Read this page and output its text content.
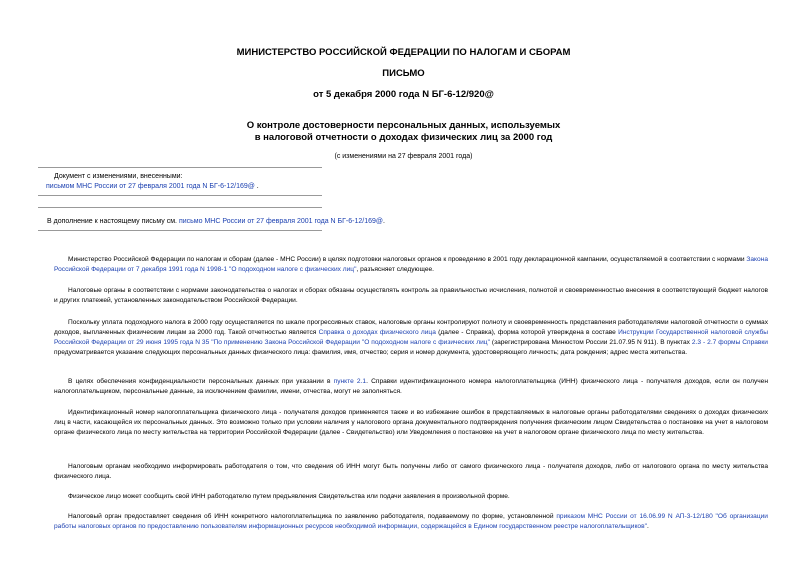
МИНИСТЕРСТВО РОССИЙСКОЙ ФЕДЕРАЦИИ ПО НАЛОГАМ И СБОРАМ
ПИСЬМО
от 5 декабря 2000 года N БГ-6-12/920@
О контроле достоверности персональных данных, используемых
в налоговой отчетности о доходах физических лиц за 2000 год
(с изменениями на 27 февраля 2001 года)
Документ с изменениями, внесенными:
письмом МНС России от 27 февраля 2001 года N БГ-6-12/169@ .
В дополнение к настоящему письму см. письмо МНС России от 27 февраля 2001 года N БГ-6-12/169@.
Министерство Российской Федерации по налогам и сборам (далее - МНС России) в целях подготовки налоговых органов к проведению в 2001 году декларационной кампании, осуществляемой в соответствии с нормами Закона Российской Федерации от 7 декабря 1991 года N 1998-1 "О подоходном налоге с физических лиц", разъясняет следующее.
Налоговые органы в соответствии с нормами законодательства о налогах и сборах обязаны осуществлять контроль за правильностью исчисления, полнотой и своевременностью внесения в соответствующий бюджет налогов и других платежей, установленных законодательством Российской Федерации.
Поскольку уплата подоходного налога в 2000 году осуществляется по шкале прогрессивных ставок, налоговые органы контролируют полноту и своевременность представления работодателями налоговой отчетности о суммах доходов, выплаченных физическим лицам за 2000 год. Такой отчетностью является Справка о доходах физического лица (далее - Справка), форма которой утверждена в составе Инструкции Государственной налоговой службы Российской Федерации от 29 июня 1995 года N 35 "По применению Закона Российской Федерации "О подоходном налоге с физических лиц" (зарегистрирована Минюстом России 21.07.95 N 911). В пунктах 2.3 - 2.7 формы Справки предусматривается указание следующих персональных данных физического лица: фамилия, имя, отчество; серия и номер документа, удостоверяющего личность; дата рождения; адрес места жительства.
В целях обеспечения конфиденциальности персональных данных при указании в пункте 2.1. Справки идентификационного номера налогоплательщика (ИНН) физического лица - получателя доходов, если он получен налогоплательщиком, персональные данные, за исключением фамилии, имени, отчества, могут не заполняться.
Идентификационный номер налогоплательщика физического лица - получателя доходов применяется также и во избежание ошибок в представляемых в налоговые органы работодателями сведениях о доходах физических лиц в части, касающейся их персональных данных. Это возможно только при условии наличия у налогового органа документального подтверждения получения физическим лицом Свидетельства о постановке на учет в налоговом органе физического лица по месту жительства на территории Российской Федерации (далее - Свидетельство) или Уведомления о постановке на учет в налоговом органе физического лица по месту жительства.
Налоговым органам необходимо информировать работодателя о том, что сведения об ИНН могут быть получены либо от самого физического лица - получателя доходов, либо от налогового органа по месту жительства физического лица.
Физическое лицо может сообщить свой ИНН работодателю путем предъявления Свидетельства или подачи заявления в произвольной форме.
Налоговый орган предоставляет сведения об ИНН конкретного налогоплательщика по заявлению работодателя, подаваемому по форме, установленной приказом МНС России от 16.06.99 N АП-3-12/180 "Об организации работы налоговых органов по предоставлению пользователям информационных ресурсов необходимой информации, содержащейся в Едином государственном реестре налогоплательщиков".
